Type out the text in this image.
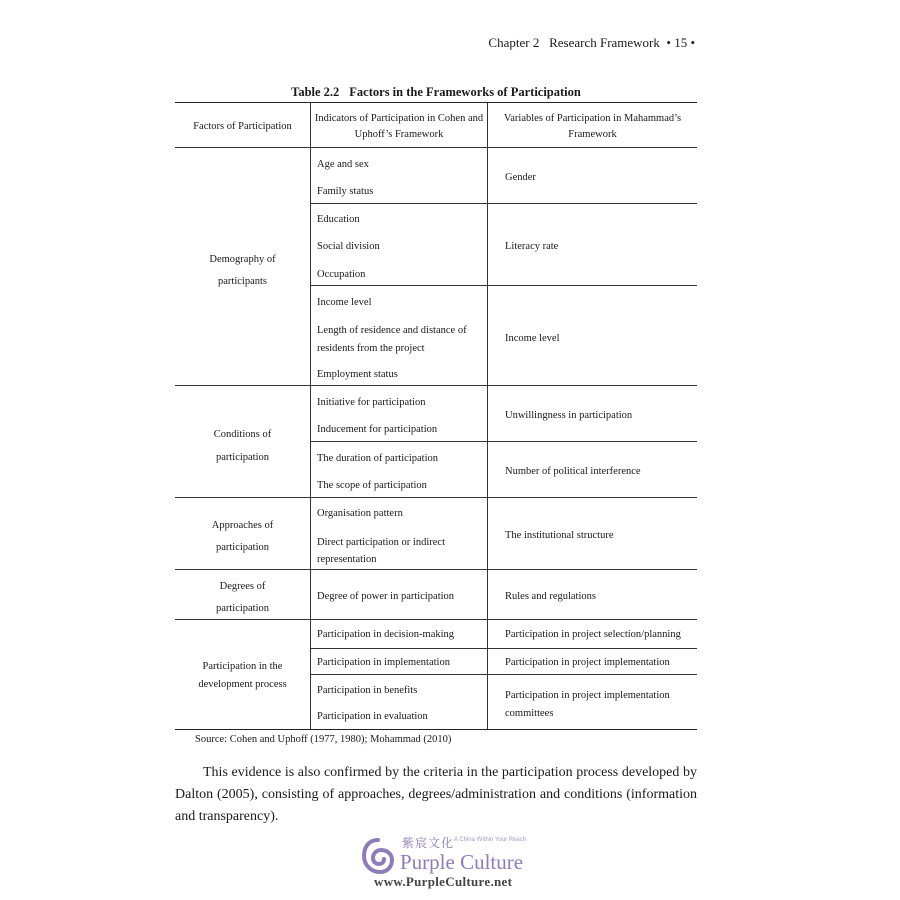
Chapter 2   Research Framework  • 15 •
Table 2.2 Factors in the Frameworks of Participation
Factors of Participation
Indicators of Participation in Cohen and
Uphoff’s Framework
Variables of Participation in Mahammad’s
Framework
Demography of
participants
Conditions of
participation
Approaches of
participation
Degrees of
participation
Participation in the
development process
Age and sex
Family status
Education
Social division
Occupation
Income level
Length of residence and distance of
residents from the project
Employment status
Initiative for participation
Inducement for participation
The duration of participation
The scope of participation
Organisation pattern
Direct participation or indirect
representation
Degree of power in participation
Participation in decision-making
Participation in implementation
Participation in benefits
Participation in evaluation
Gender
Literacy rate
Income level
Unwillingness in participation
Number of political interference
The institutional structure
Rules and regulations
Participation in project selection/planning
Participation in project implementation
Participation in project implementation
committees
Source: Cohen and Uphoff (1977, 1980); Mohammad (2010)

This evidence is also confirmed by the criteria in the participation process developed by Dalton (2005), consisting of approaches, degrees/administration and conditions (information and transparency).

紫宸文化 A China Within Your Reach
Purple Culture
www.PurpleCulture.net
